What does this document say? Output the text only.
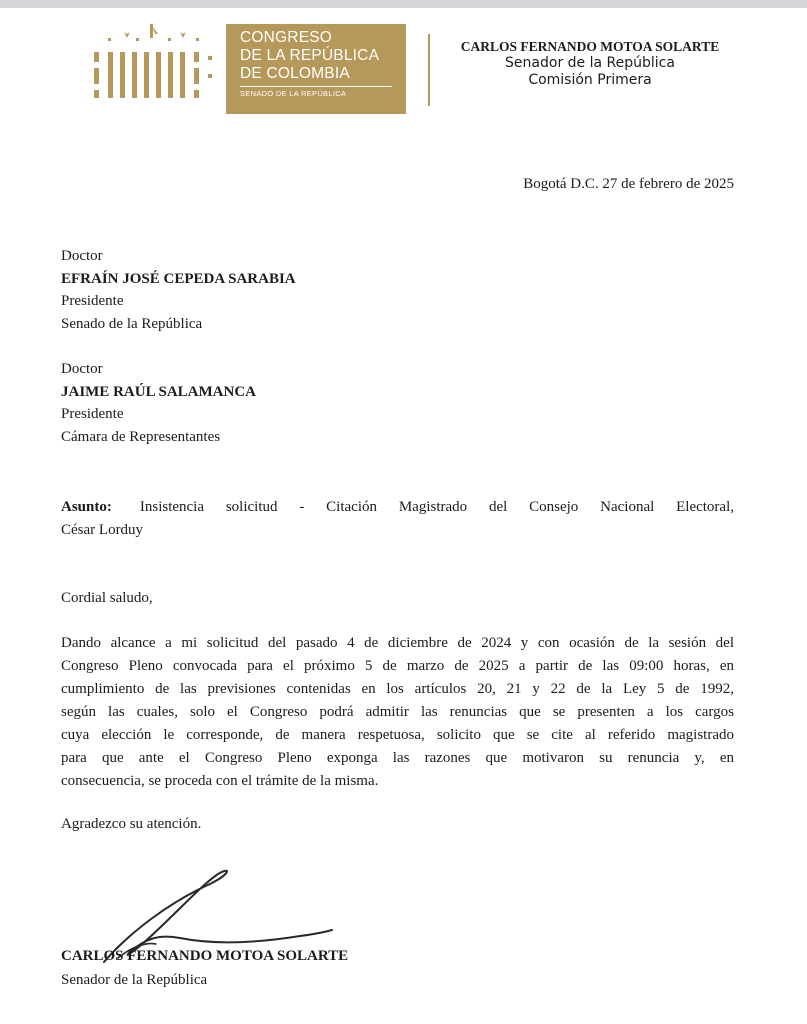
CONGRESO
DE LA REPÚBLICA
DE COLOMBIA
SENADO DE LA REPÚBLICA
CARLOS FERNANDO MOTOA SOLARTE
Senador de la República
Comisión Primera
Bogotá D.C. 27 de febrero de 2025
Doctor
EFRAÍN JOSÉ CEPEDA SARABIA
Presidente
Senado de la República
Doctor
JAIME RAÚL SALAMANCA
Presidente
Cámara de Representantes
Asunto: Insistencia solicitud - Citación Magistrado del Consejo Nacional Electoral,
César Lorduy
Cordial saludo,
Dando alcance a mi solicitud del pasado 4 de diciembre de 2024 y con ocasión de la sesión del
Congreso Pleno convocada para el próximo 5 de marzo de 2025 a partir de las 09:00 horas, en
cumplimiento de las previsiones contenidas en los artículos 20, 21 y 22 de la Ley 5 de 1992,
según las cuales, solo el Congreso podrá admitir las renuncias que se presenten a los cargos
cuya elección le corresponde, de manera respetuosa, solicito que se cite al referido magistrado
para que ante el Congreso Pleno exponga las razones que motivaron su renuncia y, en
consecuencia, se proceda con el trámite de la misma.
Agradezco su atención.
CARLOS FERNANDO MOTOA SOLARTE
Senador de la República
